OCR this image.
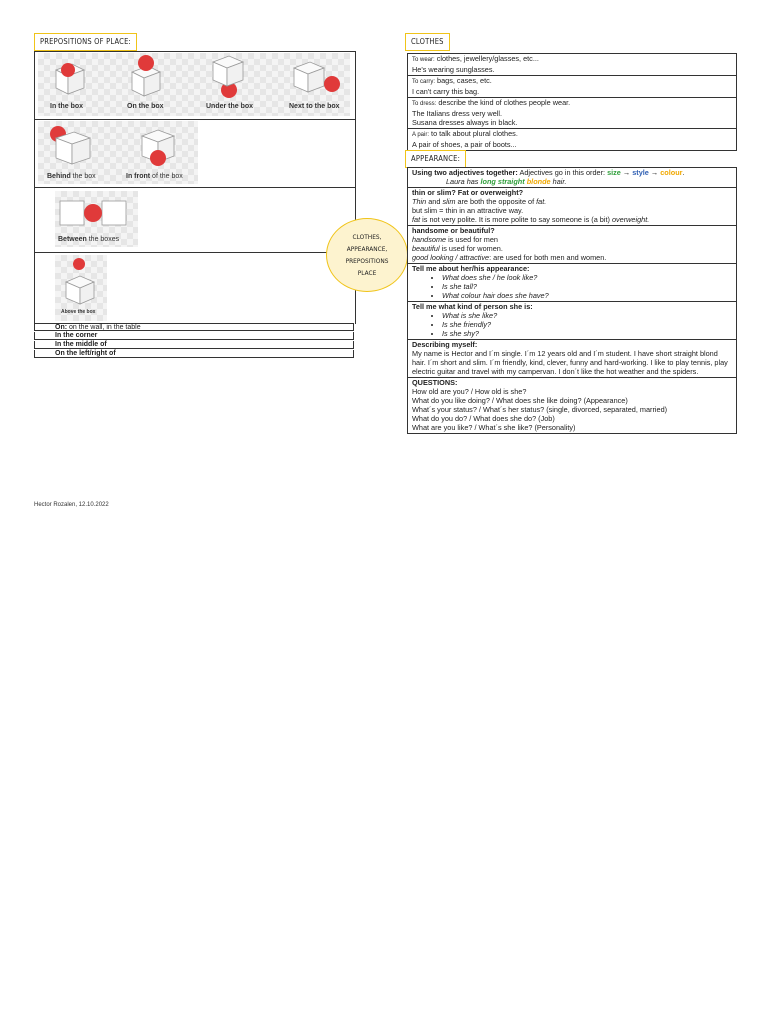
PREPOSITIONS OF PLACE:
In the box	On the box	Under the box	Next to the box
Behind the box	In front of the box
Between the boxes
Above the box
On: on the wall, in the table
In the corner
In the middle of
On the left/right of
CLOTHES,
APPEARANCE,
PREPOSITIONS
PLACE
CLOTHES
To wear: clothes, jewellery/glasses, etc...
He's wearing sunglasses.
To carry: bags, cases, etc.
I can't carry this bag.
To dress: describe the kind of clothes people wear.
The Italians dress very well.
Susana dresses always in black.
A pair: to talk about plural clothes.
A pair of shoes, a pair of boots...
APPEARANCE:
Using two adjectives together: Adjectives go in this order: size → style → colour.
Laura has long straight blonde hair.
thin or slim? Fat or overweight?
Thin and slim are both the opposite of fat.
but slim = thin in an attractive way.
fat is not very polite. It is more polite to say someone is (a bit) overweight.
handsome or beautiful?
handsome is used for men
beautiful is used for women.
good looking / attractive: are used for both men and women.
Tell me about her/his appearance:
• What does she / he look like?
• Is she tall?
• What colour hair does she have?
Tell me what kind of person she is:
• What is she like?
• Is she friendly?
• Is she shy?
Describing myself:
My name is Hector and I´m single. I´m 12 years old and I´m student. I have short straight blond hair. I´m short and slim. I´m friendly, kind, clever, funny and hard-working. I like to play tennis, play electric guitar and travel with my campervan. I don´t like the hot weather and the spiders.
QUESTIONS:
How old are you? / How old is she?
What do you like doing? / What does she like doing? (Appearance)
What´s your status? / What´s her status? (single, divorced, separated, married)
What do you do? / What does she do? (Job)
What are you like? / What´s she like? (Personality)
Hector Rozalen, 12.10.2022
